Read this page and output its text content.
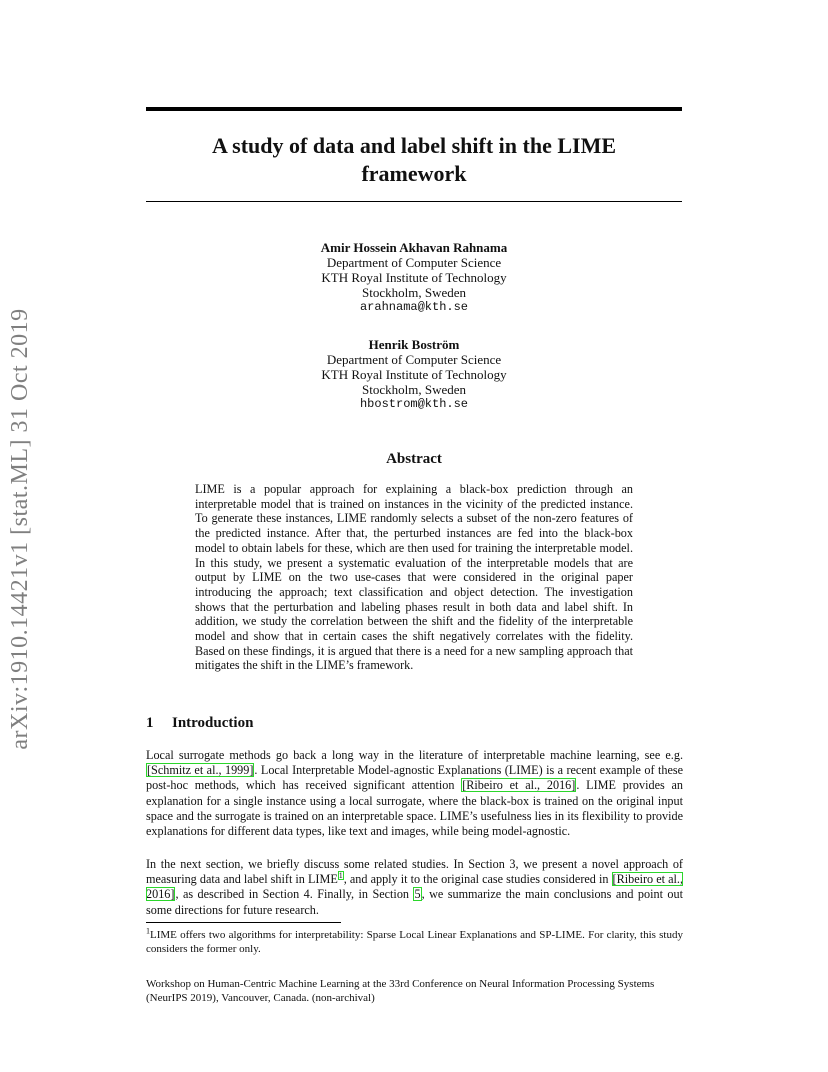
arXiv:1910.14421v1 [stat.ML] 31 Oct 2019
A study of data and label shift in the LIME
framework
Amir Hossein Akhavan Rahnama
Department of Computer Science
KTH Royal Institute of Technology
Stockholm, Sweden
arahnama@kth.se
Henrik Boström
Department of Computer Science
KTH Royal Institute of Technology
Stockholm, Sweden
hbostrom@kth.se
Abstract
LIME is a popular approach for explaining a black-box prediction through an interpretable model that is trained on instances in the vicinity of the predicted instance. To generate these instances, LIME randomly selects a subset of the non-zero features of the predicted instance. After that, the perturbed instances are fed into the black-box model to obtain labels for these, which are then used for training the interpretable model. In this study, we present a systematic evaluation of the interpretable models that are output by LIME on the two use-cases that were considered in the original paper introducing the approach; text classification and object detection. The investigation shows that the perturbation and labeling phases result in both data and label shift. In addition, we study the correlation between the shift and the fidelity of the interpretable model and show that in certain cases the shift negatively correlates with the fidelity. Based on these findings, it is argued that there is a need for a new sampling approach that mitigates the shift in the LIME’s framework.
1 Introduction
Local surrogate methods go back a long way in the literature of interpretable machine learning, see e.g. [Schmitz et al., 1999]. Local Interpretable Model-agnostic Explanations (LIME) is a recent example of these post-hoc methods, which has received significant attention [Ribeiro et al., 2016]. LIME provides an explanation for a single instance using a local surrogate, where the black-box is trained on the original input space and the surrogate is trained on an interpretable space. LIME’s usefulness lies in its flexibility to provide explanations for different data types, like text and images, while being model-agnostic.
In the next section, we briefly discuss some related studies. In Section 3, we present a novel approach of measuring data and label shift in LIME$^1$, and apply it to the original case studies considered in [Ribeiro et al., 2016], as described in Section 4. Finally, in Section 5, we summarize the main conclusions and point out some directions for future research.
$^1$LIME offers two algorithms for interpretability: Sparse Local Linear Explanations and SP-LIME. For clarity, this study considers the former only.
Workshop on Human-Centric Machine Learning at the 33rd Conference on Neural Information Processing Systems (NeurIPS 2019), Vancouver, Canada. (non-archival)
